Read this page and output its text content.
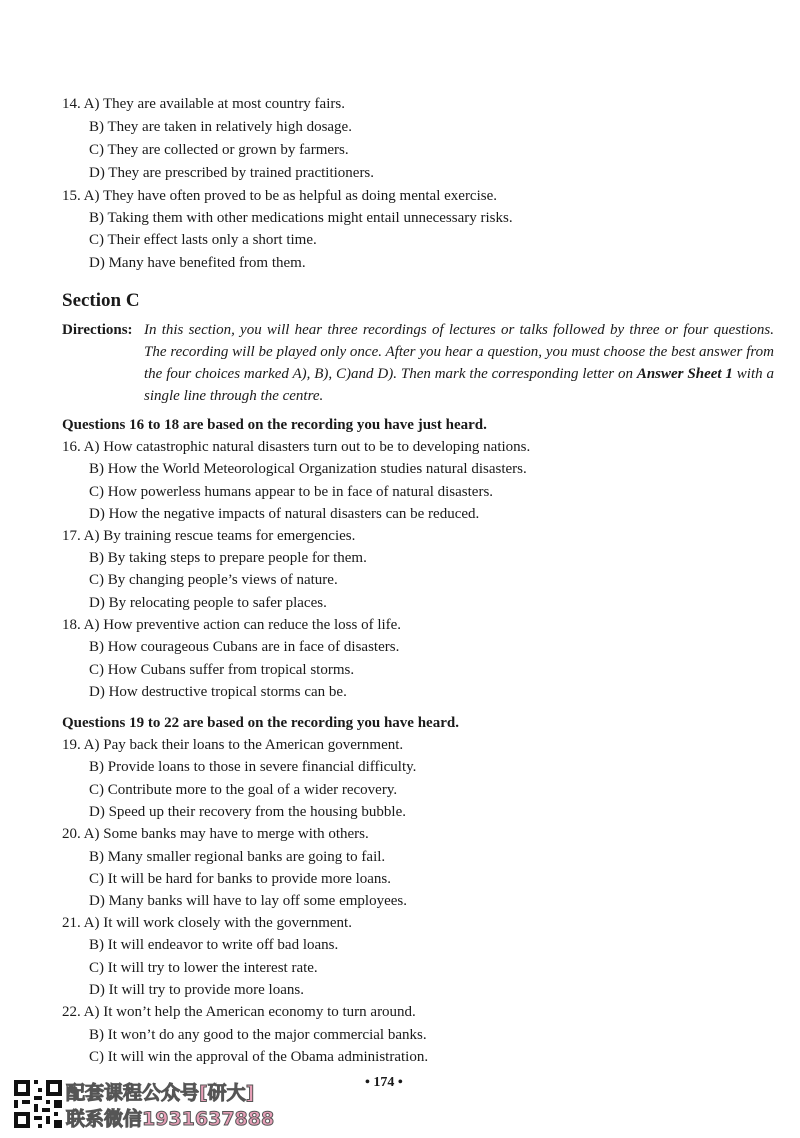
14. A) They are available at most country fairs.
B) They are taken in relatively high dosage.
C) They are collected or grown by farmers.
D) They are prescribed by trained practitioners.
15. A) They have often proved to be as helpful as doing mental exercise.
B) Taking them with other medications might entail unnecessary risks.
C) Their effect lasts only a short time.
D) Many have benefited from them.
Section C
Directions: In this section, you will hear three recordings of lectures or talks followed by three or four questions. The recording will be played only once. After you hear a question, you must choose the best answer from the four choices marked A), B), C)and D). Then mark the corresponding letter on Answer Sheet 1 with a single line through the centre.
Questions 16 to 18 are based on the recording you have just heard.
16. A) How catastrophic natural disasters turn out to be to developing nations.
B) How the World Meteorological Organization studies natural disasters.
C) How powerless humans appear to be in face of natural disasters.
D) How the negative impacts of natural disasters can be reduced.
17. A) By training rescue teams for emergencies.
B) By taking steps to prepare people for them.
C) By changing people’s views of nature.
D) By relocating people to safer places.
18. A) How preventive action can reduce the loss of life.
B) How courageous Cubans are in face of disasters.
C) How Cubans suffer from tropical storms.
D) How destructive tropical storms can be.
Questions 19 to 22 are based on the recording you have heard.
19. A) Pay back their loans to the American government.
B) Provide loans to those in severe financial difficulty.
C) Contribute more to the goal of a wider recovery.
D) Speed up their recovery from the housing bubble.
20. A) Some banks may have to merge with others.
B) Many smaller regional banks are going to fail.
C) It will be hard for banks to provide more loans.
D) Many banks will have to lay off some employees.
21. A) It will work closely with the government.
B) It will endeavor to write off bad loans.
C) It will try to lower the interest rate.
D) It will try to provide more loans.
22. A) It won’t help the American economy to turn around.
B) It won’t do any good to the major commercial banks.
C) It will win the approval of the Obama administration.
• 174 •
配套课程公众号[研大]
联系微信1931637888
